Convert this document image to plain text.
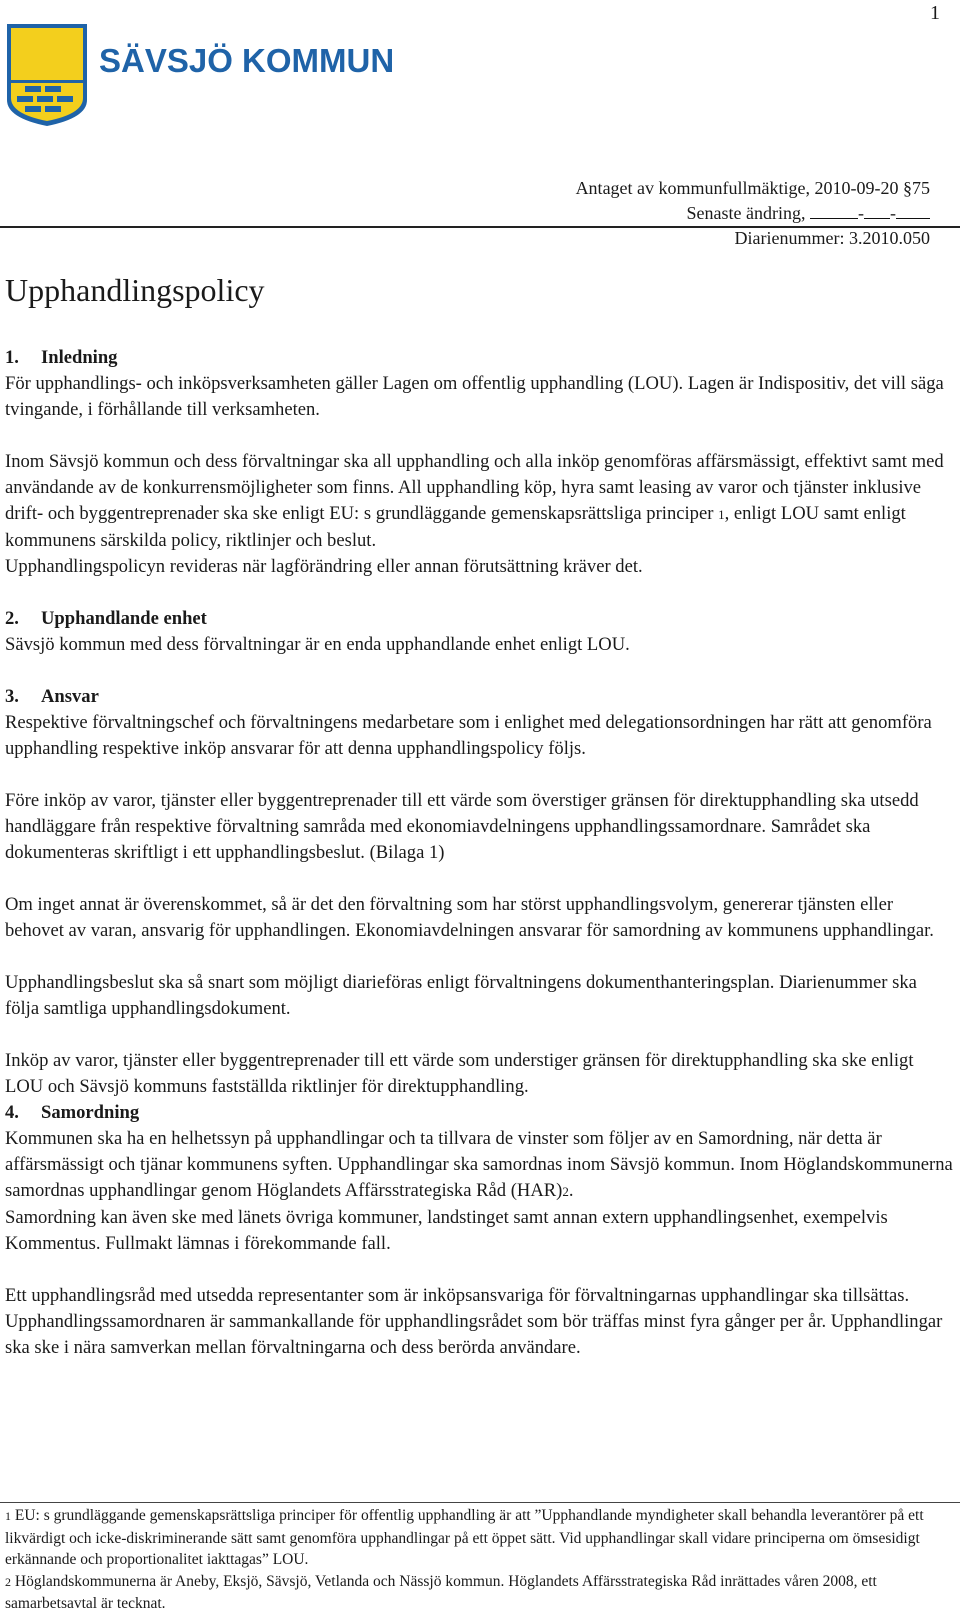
1
SÄVSJÖ KOMMUN
Antaget av kommunfullmäktige, 2010-09-20 §75
Senaste ändring,	- -
Diarienummer: 3.2010.050
Upphandlingspolicy
1. Inledning

För upphandlings- och inköpsverksamheten gäller Lagen om offentlig upphandling (LOU). Lagen är Indispositiv, det vill säga tvingande, i förhållande till verksamheten.

Inom Sävsjö kommun och dess förvaltningar ska all upphandling och alla inköp genomföras affärsmässigt, effektivt samt med användande av de konkurrensmöjligheter som finns. All upphandling köp, hyra samt leasing av varor och tjänster inklusive drift- och byggentreprenader ska ske enligt EU: s grundläggande gemenskapsrättsliga principer 1, enligt LOU samt enligt kommunens särskilda policy, riktlinjer och beslut.

Upphandlingspolicyn revideras när lagförändring eller annan förutsättning kräver det.

2. Upphandlande enhet

Sävsjö kommun med dess förvaltningar är en enda upphandlande enhet enligt LOU.

3. Ansvar

Respektive förvaltningschef och förvaltningens medarbetare som i enlighet med delegationsordningen har rätt att genomföra upphandling respektive inköp ansvarar för att denna upphandlingspolicy följs.

Före inköp av varor, tjänster eller byggentreprenader till ett värde som överstiger gränsen för direktupphandling ska utsedd handläggare från respektive förvaltning samråda med ekonomiavdelningens upphandlingssamordnare. Samrådet ska dokumenteras skriftligt i ett upphandlingsbeslut. (Bilaga 1)

Om inget annat är överenskommet, så är det den förvaltning som har störst upphandlingsvolym, genererar tjänsten eller behovet av varan, ansvarig för upphandlingen. Ekonomiavdelningen ansvarar för samordning av kommunens upphandlingar.

Upphandlingsbeslut ska så snart som möjligt diarieföras enligt förvaltningens dokumenthanteringsplan. Diarienummer ska följa samtliga upphandlingsdokument.

Inköp av varor, tjänster eller byggentreprenader till ett värde som understiger gränsen för direktupphandling ska ske enligt LOU och Sävsjö kommuns fastställda riktlinjer för direktupphandling.

4. Samordning

Kommunen ska ha en helhetssyn på upphandlingar och ta tillvara de vinster som följer av en Samordning, när detta är affärsmässigt och tjänar kommunens syften. Upphandlingar ska samordnas inom Sävsjö kommun. Inom Höglandskommunerna samordnas upphandlingar genom Höglandets Affärsstrategiska Råd (HAR)2.

Samordning kan även ske med länets övriga kommuner, landstinget samt annan extern upphandlingsenhet, exempelvis Kommentus. Fullmakt lämnas i förekommande fall.

Ett upphandlingsråd med utsedda representanter som är inköpsansvariga för förvaltningarnas upphandlingar ska tillsättas. Upphandlingssamordnaren är sammankallande för upphandlingsrådet som bör träffas minst fyra gånger per år. Upphandlingar ska ske i nära samverkan mellan förvaltningarna och dess berörda användare.

1 EU: s grundläggande gemenskapsrättsliga principer för offentlig upphandling är att ”Upphandlande myndigheter skall behandla leverantörer på ett likvärdigt och icke-diskriminerande sätt samt genomföra upphandlingar på ett öppet sätt. Vid upphandlingar skall vidare principerna om ömsesidigt erkännande och proportionalitet iakttagas” LOU.

2 Höglandskommunerna är Aneby, Eksjö, Sävsjö, Vetlanda och Nässjö kommun. Höglandets Affärsstrategiska Råd inrättades våren 2008, ett samarbetsavtal är tecknat.
